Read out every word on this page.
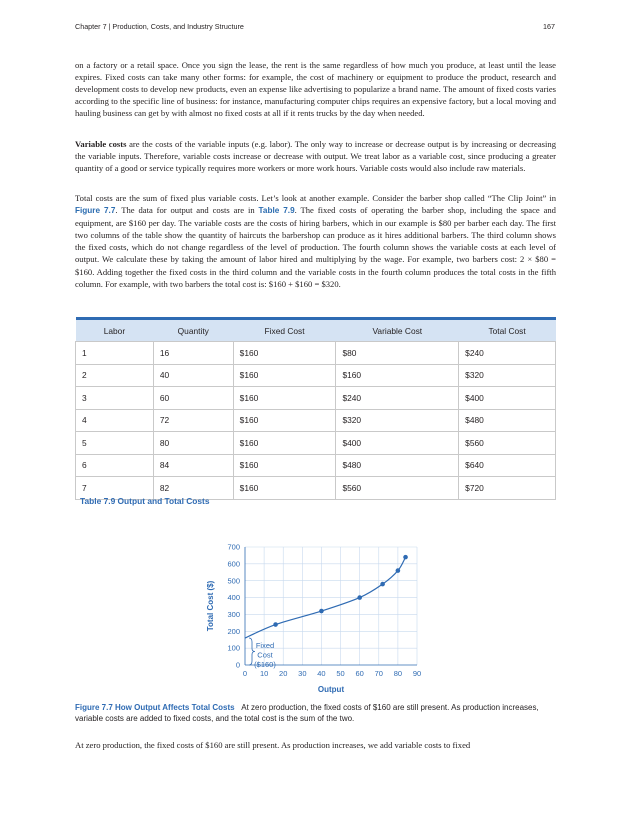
Chapter 7 | Production, Costs, and Industry Structure	167

on a factory or a retail space. Once you sign the lease, the rent is the same regardless of how much you produce, at least until the lease expires. Fixed costs can take many other forms: for example, the cost of machinery or equipment to produce the product, research and development costs to develop new products, even an expense like advertising to popularize a brand name. The amount of fixed costs varies according to the specific line of business: for instance, manufacturing computer chips requires an expensive factory, but a local moving and hauling business can get by with almost no fixed costs at all if it rents trucks by the day when needed.

Variable costs are the costs of the variable inputs (e.g. labor). The only way to increase or decrease output is by increasing or decreasing the variable inputs. Therefore, variable costs increase or decrease with output. We treat labor as a variable cost, since producing a greater quantity of a good or service typically requires more workers or more work hours. Variable costs would also include raw materials.

Total costs are the sum of fixed plus variable costs. Let’s look at another example. Consider the barber shop called “The Clip Joint” in Figure 7.7. The data for output and costs are in Table 7.9. The fixed costs of operating the barber shop, including the space and equipment, are $160 per day. The variable costs are the costs of hiring barbers, which in our example is $80 per barber each day. The first two columns of the table show the quantity of haircuts the barbershop can produce as it hires additional barbers. The third column shows the fixed costs, which do not change regardless of the level of production. The fourth column shows the variable costs at each level of output. We calculate these by taking the amount of labor hired and multiplying by the wage. For example, two barbers cost: 2 × $80 = $160. Adding together the fixed costs in the third column and the variable costs in the fourth column produces the total costs in the fifth column. For example, with two barbers the total cost is: $160 + $160 = $320.

Labor	Quantity	Fixed Cost	Variable Cost	Total Cost
1	16	$160	$80	$240
2	40	$160	$160	$320
3	60	$160	$240	$400
4	72	$160	$320	$480
5	80	$160	$400	$560
6	84	$160	$480	$640
7	82	$160	$560	$720
Table 7.9 Output and Total Costs
0
100
200
300
400
500
600
700
0 10 20 30 40 50 60 70 80 90
Fixed
Cost
($160)
Output
Total Cost ($)

Figure 7.7 How Output Affects Total Costs At zero production, the fixed costs of $160 are still present. As production increases, variable costs are added to fixed costs, and the total cost is the sum of the two.

At zero production, the fixed costs of $160 are still present. As production increases, we add variable costs to fixed
